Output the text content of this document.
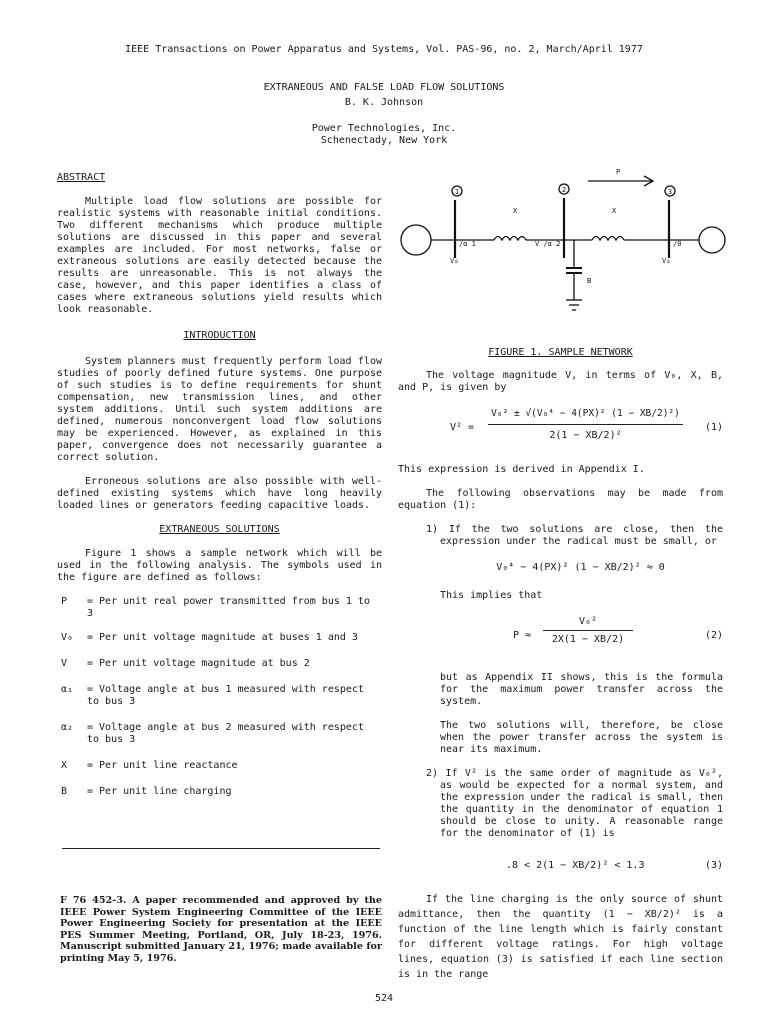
IEEE Transactions on Power Apparatus and Systems, Vol. PAS-96, no. 2, March/April 1977
EXTRANEOUS AND FALSE LOAD FLOW SOLUTIONS
B. K. Johnson
Power Technologies, Inc.
Schenectady, New York
ABSTRACT

Multiple load flow solutions are possible for realistic systems with reasonable initial conditions. Two different mechanisms which produce multiple solutions are discussed in this paper and several examples are included. For most networks, false or extraneous solutions are easily detected because the results are unreasonable. This is not always the case, however, and this paper identifies a class of cases where extraneous solutions yield results which look reasonable.

INTRODUCTION

System planners must frequently perform load flow studies of poorly defined future systems. One purpose of such studies is to define requirements for shunt compensation, new transmission lines, and other system additions. Until such system additions are defined, numerous nonconvergent load flow solutions may be experienced. However, as explained in this paper, convergence does not necessarily guarantee a correct solution.

Erroneous solutions are also possible with well-defined existing systems which have long heavily loaded lines or generators feeding capacitive loads.

EXTRANEOUS SOLUTIONS

Figure 1 shows a sample network which will be used in the following analysis. The symbols used in the figure are defined as follows:

P	= Per unit real power transmitted from bus 1 to 3
V₀	= Per unit voltage magnitude at buses 1 and 3
V	= Per unit voltage magnitude at bus 2
α₁	= Voltage angle at bus 1 measured with respect to bus 3
α₂	= Voltage angle at bus 2 measured with respect to bus 3
X	= Per unit line reactance
B	= Per unit line charging
F 76 452-3. A paper recommended and approved by the IEEE Power System Engineering Committee of the IEEE Power Engineering Society for presentation at the IEEE PES Summer Meeting, Portland, OR, July 18-23, 1976. Manuscript submitted January 21, 1976; made available for printing May 5, 1976.
1	2	3
P
X	X
B
/α 1	V /α 2	/0
V₀	V₀
FIGURE 1. SAMPLE NETWORK

The voltage magnitude V, in terms of V₀, X, B, and P, is given by

V² =
V₀² ± √(V₀⁴ − 4(PX)² (1 − XB/2)²)
2(1 − XB/2)²
(1)

This expression is derived in Appendix I.

The following observations may be made from equation (1):

1) If the two solutions are close, then the expression under the radical must be small, or

V₀⁴ − 4(PX)² (1 − XB/2)² ≈ 0

This implies that

P ≈
V₀²
2X(1 − XB/2)	(2)

but as Appendix II shows, this is the formula for the maximum power transfer across the system.

The two solutions will, therefore, be close when the power transfer across the system is near its maximum.

2) If V² is the same order of magnitude as V₀², as would be expected for a normal system, and the expression under the radical is small, then the quantity in the denominator of equation 1 should be close to unity. A reasonable range for the denominator of (1) is

.8 < 2(1 − XB/2)² < 1.3	(3)

If the line charging is the only source of shunt admittance, then the quantity (1 − XB/2)² is a function of the line length which is fairly constant for different voltage ratings. For high voltage lines, equation (3) is satisfied if each line section is in the range

524
